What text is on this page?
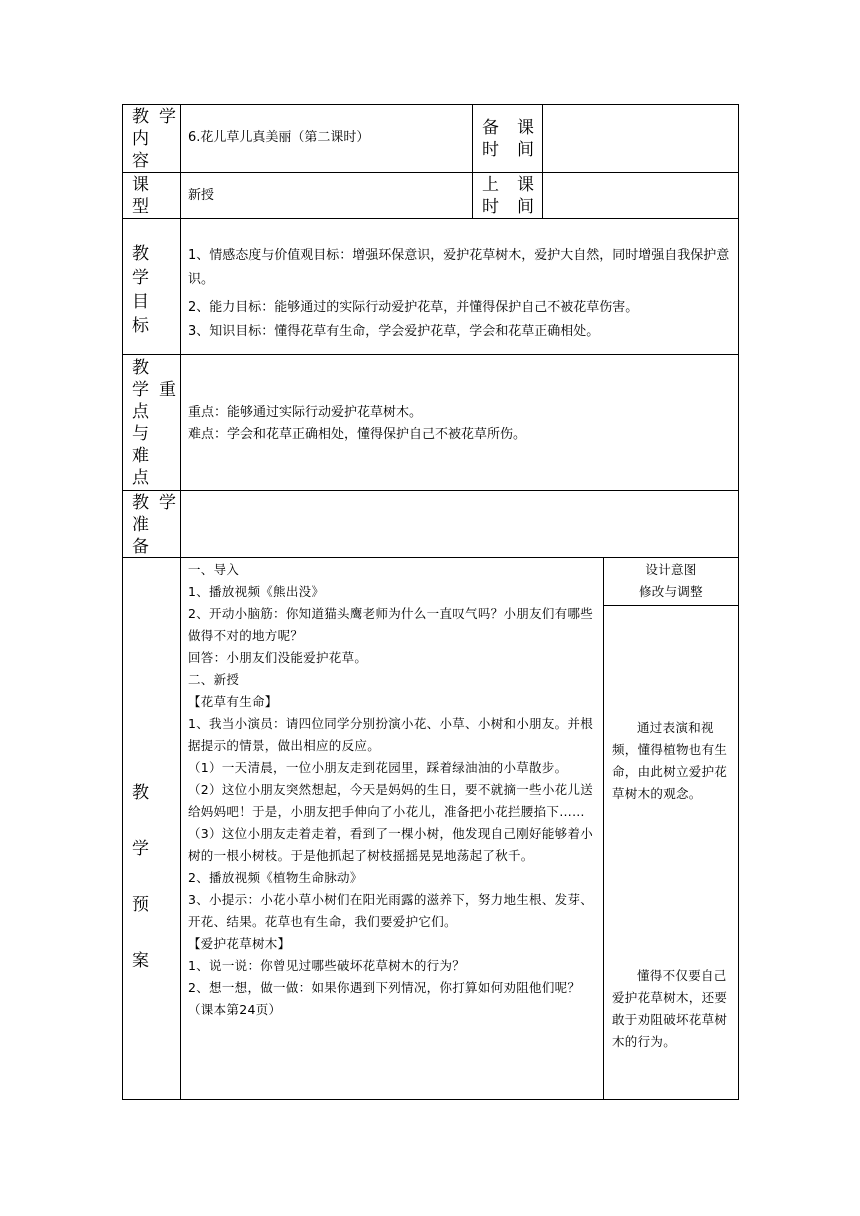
教 学
内
容
6.花儿草儿真美丽（第二课时）	备 课
时 间
课
型
新授
上 课
时 间
教
学
目
标
1、情感态度与价值观目标：增强环保意识，爱护花草树木，爱护大自然，同时增强自我保护意识。
2、能力目标：能够通过的实际行动爱护花草，并懂得保护自己不被花草伤害。
3、知识目标：懂得花草有生命，学会爱护花草，学会和花草正确相处。
教
学 重
点
与
难
点
重点：能够通过实际行动爱护花草树木。
难点：学会和花草正确相处，懂得保护自己不被花草所伤。
教 学
准
备
教
学
预
案

一、导入

1、播放视频《熊出没》

2、开动小脑筋：你知道猫头鹰老师为什么一直叹气吗？小朋友们有哪些做得不对的地方呢？

回答：小朋友们没能爱护花草。

二、新授

【花草有生命】

1、我当小演员：请四位同学分别扮演小花、小草、小树和小朋友。并根据提示的情景，做出相应的反应。

（1）一天清晨，一位小朋友走到花园里，踩着绿油油的小草散步。

（2）这位小朋友突然想起，今天是妈妈的生日，要不就摘一些小花儿送给妈妈吧！于是，小朋友把手伸向了小花儿，准备把小花拦腰掐下……

（3）这位小朋友走着走着，看到了一棵小树，他发现自己刚好能够着小树的一根小树枝。于是他抓起了树枝摇摇晃晃地荡起了秋千。

2、播放视频《植物生命脉动》

3、小提示：小花小草小树们在阳光雨露的滋养下，努力地生根、发芽、开花、结果。花草也有生命，我们要爱护它们。

【爱护花草树木】

1、说一说：你曾见过哪些破坏花草树木的行为？

2、想一想，做一做：如果你遇到下列情况，你打算如何劝阻他们呢？（课本第24页）

设计意图
修改与调整
通过表演和视频，懂得植物也有生命，由此树立爱护花草树木的观念。
懂得不仅要自己爱护花草树木，还要敢于劝阻破坏花草树木的行为。
